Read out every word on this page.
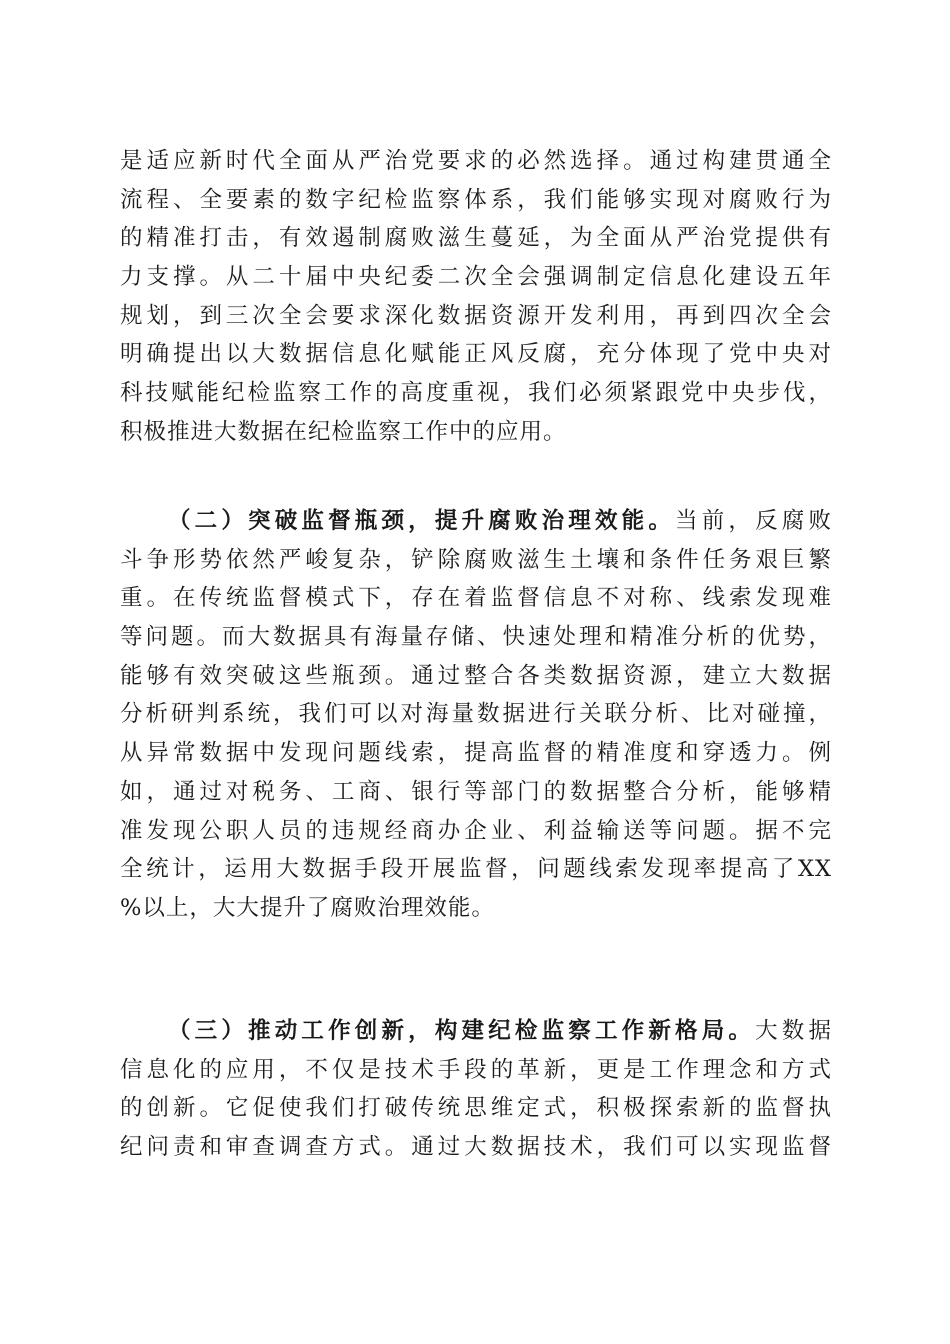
是适应新时代全面从严治党要求的必然选择。通过构建贯通全
流程、全要素的数字纪检监察体系，我们能够实现对腐败行为
的精准打击，有效遏制腐败滋生蔓延，为全面从严治党提供有
力支撑。从二十届中央纪委二次全会强调制定信息化建设五年
规划，到三次全会要求深化数据资源开发利用，再到四次全会
明确提出以大数据信息化赋能正风反腐，充分体现了党中央对
科技赋能纪检监察工作的高度重视，我们必须紧跟党中央步伐，
积极推进大数据在纪检监察工作中的应用。
（二）突破监督瓶颈，提升腐败治理效能。当前，反腐败
斗争形势依然严峻复杂，铲除腐败滋生土壤和条件任务艰巨繁
重。在传统监督模式下，存在着监督信息不对称、线索发现难
等问题。而大数据具有海量存储、快速处理和精准分析的优势，
能够有效突破这些瓶颈。通过整合各类数据资源，建立大数据
分析研判系统，我们可以对海量数据进行关联分析、比对碰撞，
从异常数据中发现问题线索，提高监督的精准度和穿透力。例
如，通过对税务、工商、银行等部门的数据整合分析，能够精
准发现公职人员的违规经商办企业、利益输送等问题。据不完
全统计，运用大数据手段开展监督，问题线索发现率提高了XX
%以上，大大提升了腐败治理效能。
（三）推动工作创新，构建纪检监察工作新格局。大数据
信息化的应用，不仅是技术手段的革新，更是工作理念和方式
的创新。它促使我们打破传统思维定式，积极探索新的监督执
纪问责和审查调查方式。通过大数据技术，我们可以实现监督
